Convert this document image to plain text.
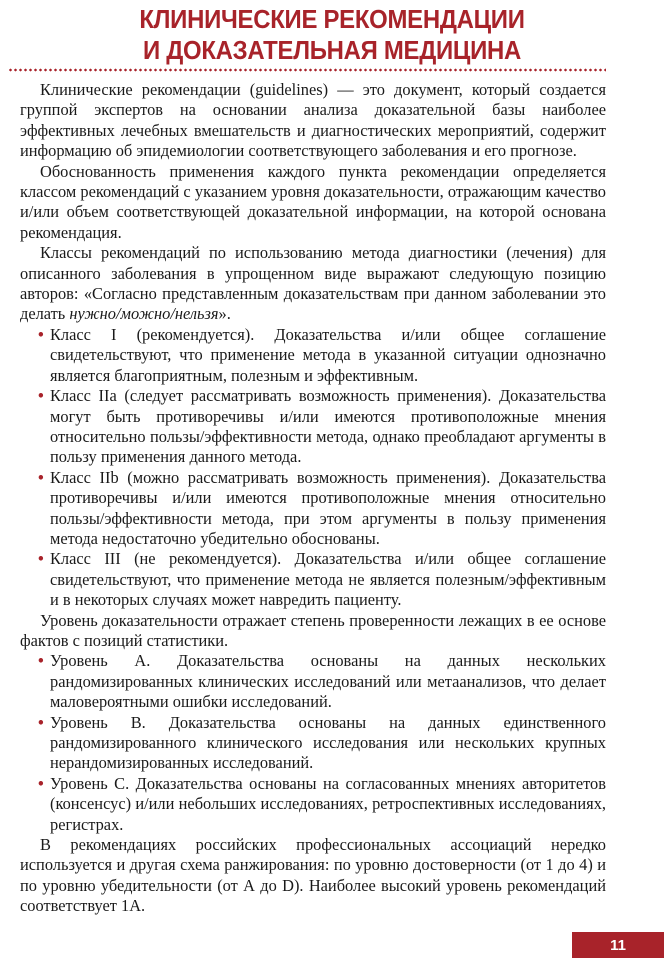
КЛИНИЧЕСКИЕ РЕКОМЕНДАЦИИ
И ДОКАЗАТЕЛЬНАЯ МЕДИЦИНА

Клинические рекомендации (guidelines) — это документ, который создается группой экспертов на основании анализа доказательной базы наиболее эффективных лечебных вмешательств и диагностических мероприятий, содержит информацию об эпидемиологии соответствующего заболевания и его прогнозе.

Обоснованность применения каждого пункта рекомендации определяется классом рекомендаций с указанием уровня доказательности, отражающим качество и/или объем соответствующей доказательной информации, на которой основана рекомендация.

Классы рекомендаций по использованию метода диагностики (лечения) для описанного заболевания в упрощенном виде выражают следующую позицию авторов: «Согласно представленным доказательствам при данном заболевании это делать нужно/можно/нельзя».

• Класс I (рекомендуется). Доказательства и/или общее соглашение свидетельствуют, что применение метода в указанной ситуации однозначно является благоприятным, полезным и эффективным.

• Класс IIa (следует рассматривать возможность применения). Доказательства могут быть противоречивы и/или имеются противоположные мнения относительно пользы/эффективности метода, однако преобладают аргументы в пользу применения данного метода.

• Класс IIb (можно рассматривать возможность применения). Доказательства противоречивы и/или имеются противоположные мнения относительно пользы/эффективности метода, при этом аргументы в пользу применения метода недостаточно убедительно обоснованы.

• Класс III (не рекомендуется). Доказательства и/или общее соглашение свидетельствуют, что применение метода не является полезным/эффективным и в некоторых случаях может навредить пациенту.

Уровень доказательности отражает степень проверенности лежащих в ее основе фактов с позиций статистики.

• Уровень А. Доказательства основаны на данных нескольких рандомизированных клинических исследований или метаанализов, что делает маловероятными ошибки исследований.

• Уровень В. Доказательства основаны на данных единственного рандомизированного клинического исследования или нескольких крупных нерандомизированных исследований.

• Уровень С. Доказательства основаны на согласованных мнениях авторитетов (консенсус) и/или небольших исследованиях, ретроспективных исследованиях, регистрах.

В рекомендациях российских профессиональных ассоциаций нередко используется и другая схема ранжирования: по уровню достоверности (от 1 до 4) и по уровню убедительности (от А до D). Наиболее высокий уровень рекомендаций соответствует 1А.

11
